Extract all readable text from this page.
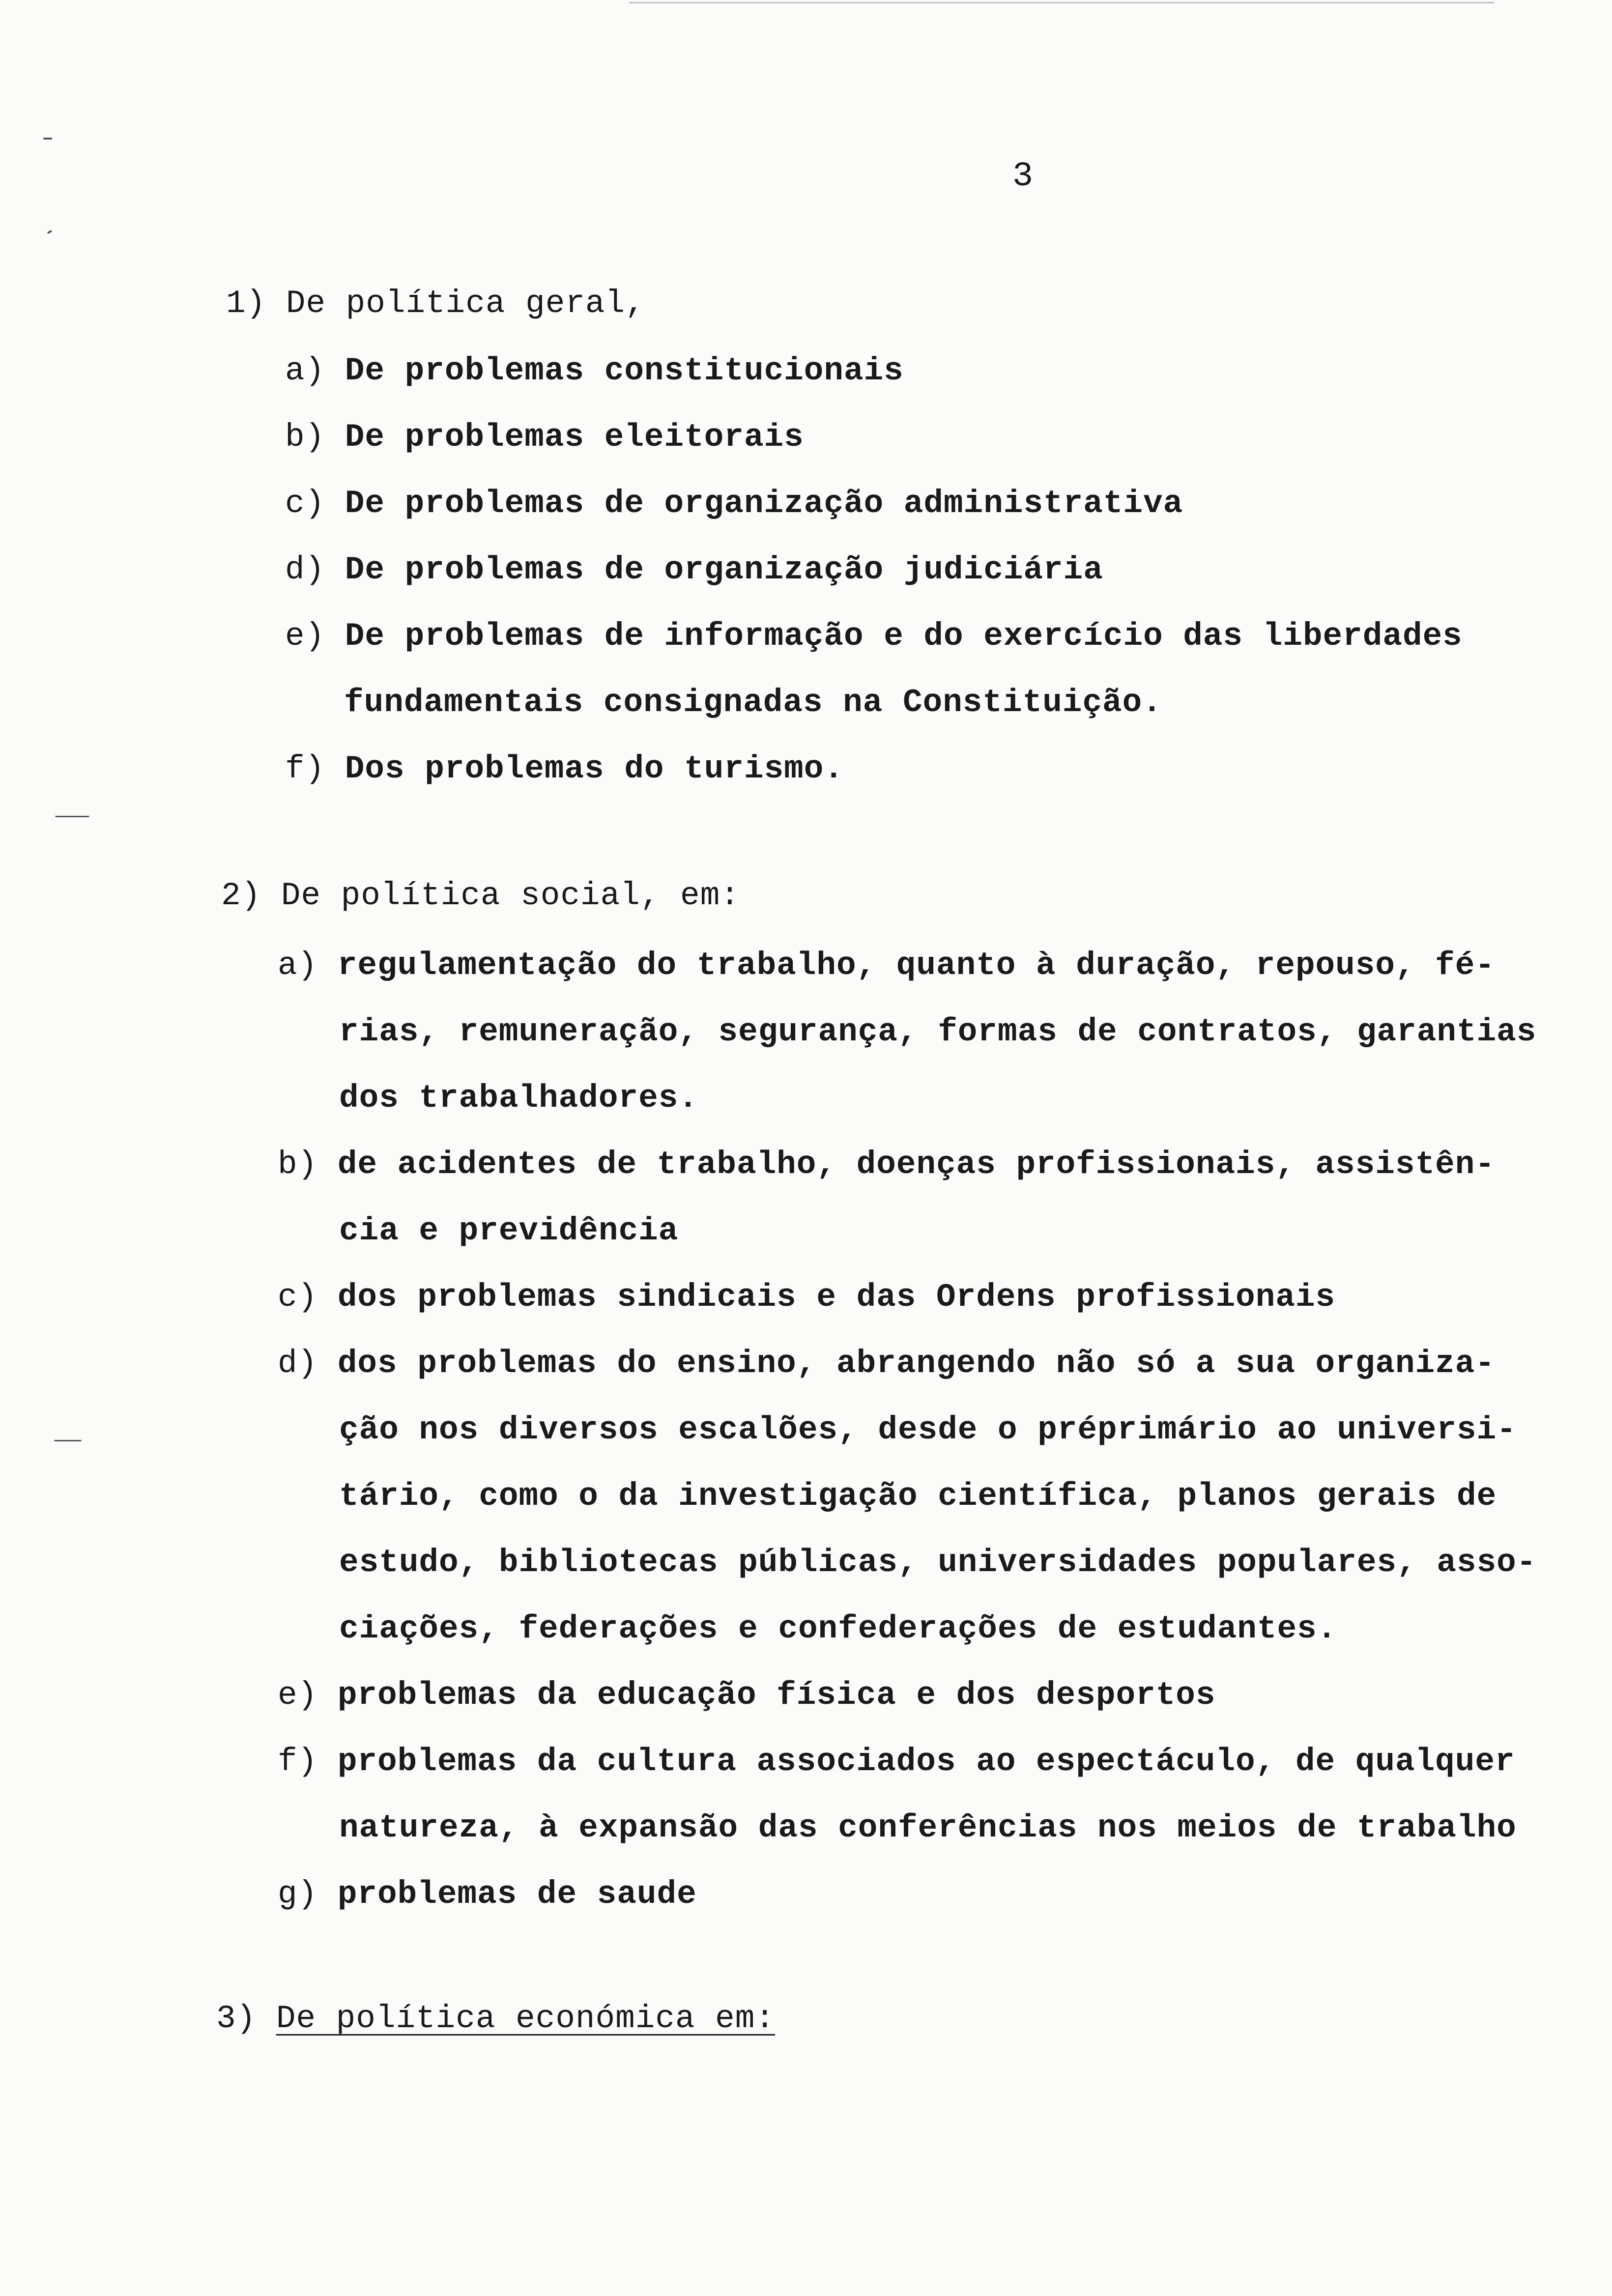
3
1) De política geral,
a) De problemas constitucionais
b) De problemas eleitorais
c) De problemas de organização administrativa
d) De problemas de organização judiciária
e) De problemas de informação e do exercício das liberdades
fundamentais consignadas na Constituição.
f) Dos problemas do turismo.
2) De política social, em:
a) regulamentação do trabalho, quanto à duração, repouso, fé-
rias, remuneração, segurança, formas de contratos, garantias
dos trabalhadores.
b) de acidentes de trabalho, doenças profissionais, assistên-
cia e previdência
c) dos problemas sindicais e das Ordens profissionais
d) dos problemas do ensino, abrangendo não só a sua organiza-
ção nos diversos escalões, desde o préprimário ao universi-
tário, como o da investigação científica, planos gerais de
estudo, bibliotecas públicas, universidades populares, asso-
ciações, federações e confederações de estudantes.
e) problemas da educação física e dos desportos
f) problemas da cultura associados ao espectáculo, de qualquer
natureza, à expansão das conferências nos meios de trabalho
g) problemas de saude
3) De política económica em:
